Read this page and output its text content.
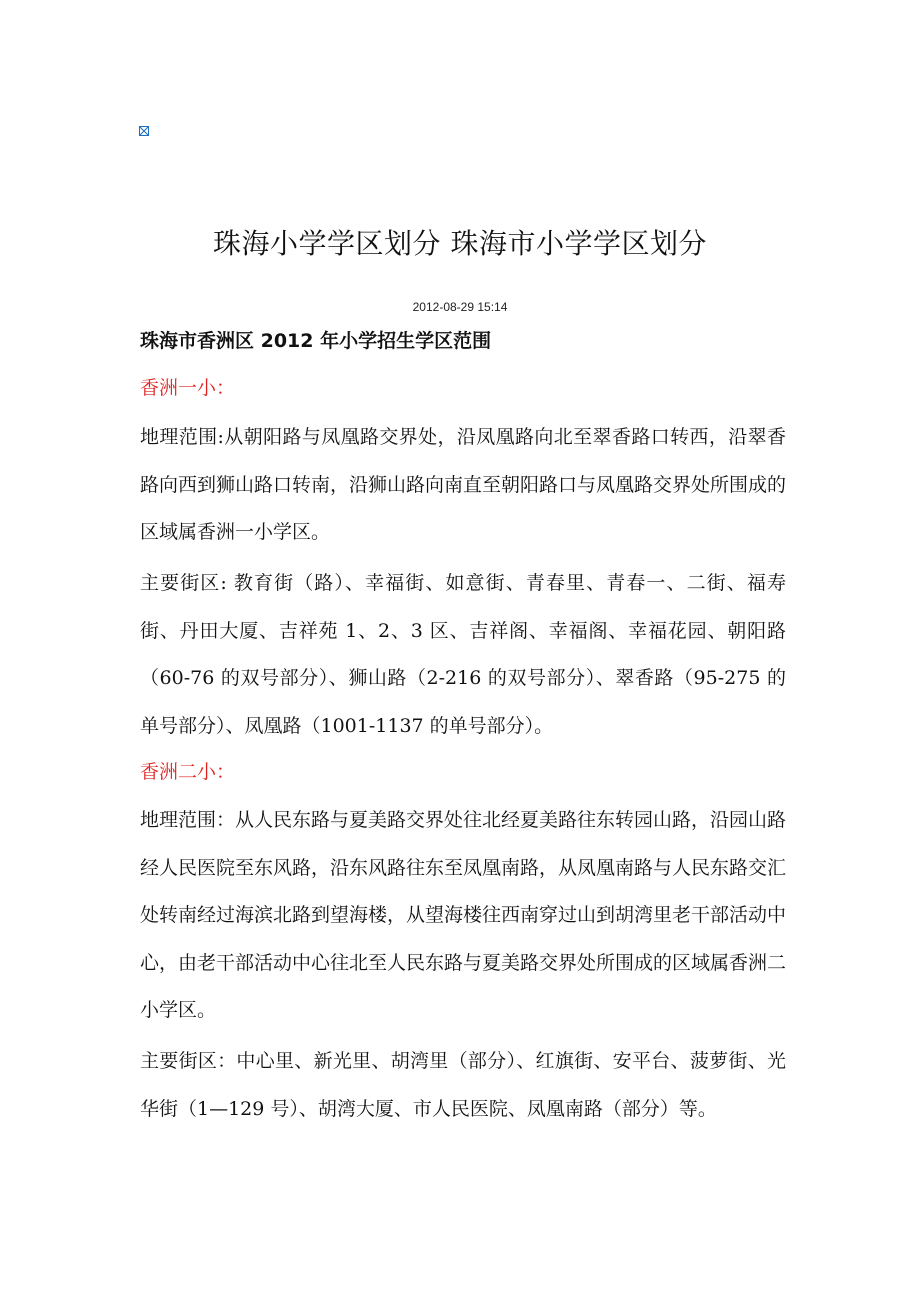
珠海小学学区划分 珠海市小学学区划分
2012-08-29 15:14
珠海市香洲区 2012 年小学招生学区范围
香洲一小：
地理范围:从朝阳路与凤凰路交界处，沿凤凰路向北至翠香路口转西，沿翠香路向西到狮山路口转南，沿狮山路向南直至朝阳路口与凤凰路交界处所围成的区域属香洲一小学区。
主要街区: 教育街（路）、幸福街、如意街、青春里、青春一、二街、福寿街、丹田大厦、吉祥苑 1、2、3 区、吉祥阁、幸福阁、幸福花园、朝阳路（60-76 的双号部分）、狮山路（2-216 的双号部分）、翠香路（95-275 的单号部分）、凤凰路（1001-1137 的单号部分）。
香洲二小：
地理范围：从人民东路与夏美路交界处往北经夏美路往东转园山路，沿园山路经人民医院至东风路，沿东风路往东至凤凰南路，从凤凰南路与人民东路交汇处转南经过海滨北路到望海楼，从望海楼往西南穿过山到胡湾里老干部活动中心，由老干部活动中心往北至人民东路与夏美路交界处所围成的区域属香洲二小学区。
主要街区：中心里、新光里、胡湾里（部分）、红旗街、安平台、菠萝街、光华街（1—129 号）、胡湾大厦、市人民医院、凤凰南路（部分）等。
